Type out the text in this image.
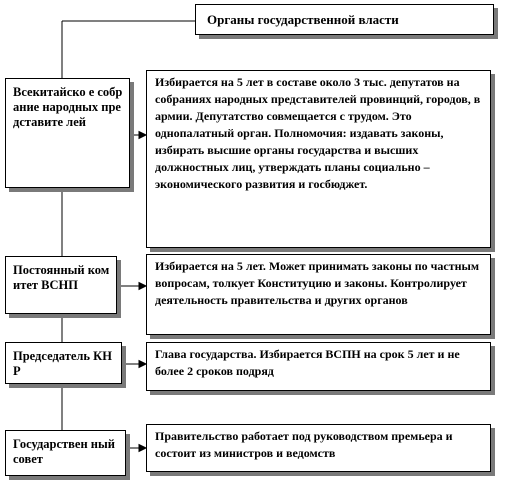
Органы государственной власти
Всекитайско е собрание народных представите лей
Избирается на 5 лет в составе около 3 тыс. депутатов на собраниях народных представителей провинций, городов, в армии. Депутатство совмещается с трудом. Это однопалатный орган. Полномочия: издавать законы, избирать высшие органы государства и высших должностных лиц, утверждать планы социально – экономического развития и госбюджет.
Постоянный комитет ВСНП
Избирается на 5 лет. Может принимать законы по частным вопросам, толкует Конституцию и законы. Контролирует деятельность правительства и других органов
Председатель КНР
Глава государства. Избирается ВСПН на срок 5 лет и не более 2 сроков подряд
Государствен ный совет
Правительство работает под руководством премьера и состоит из министров и ведомств
